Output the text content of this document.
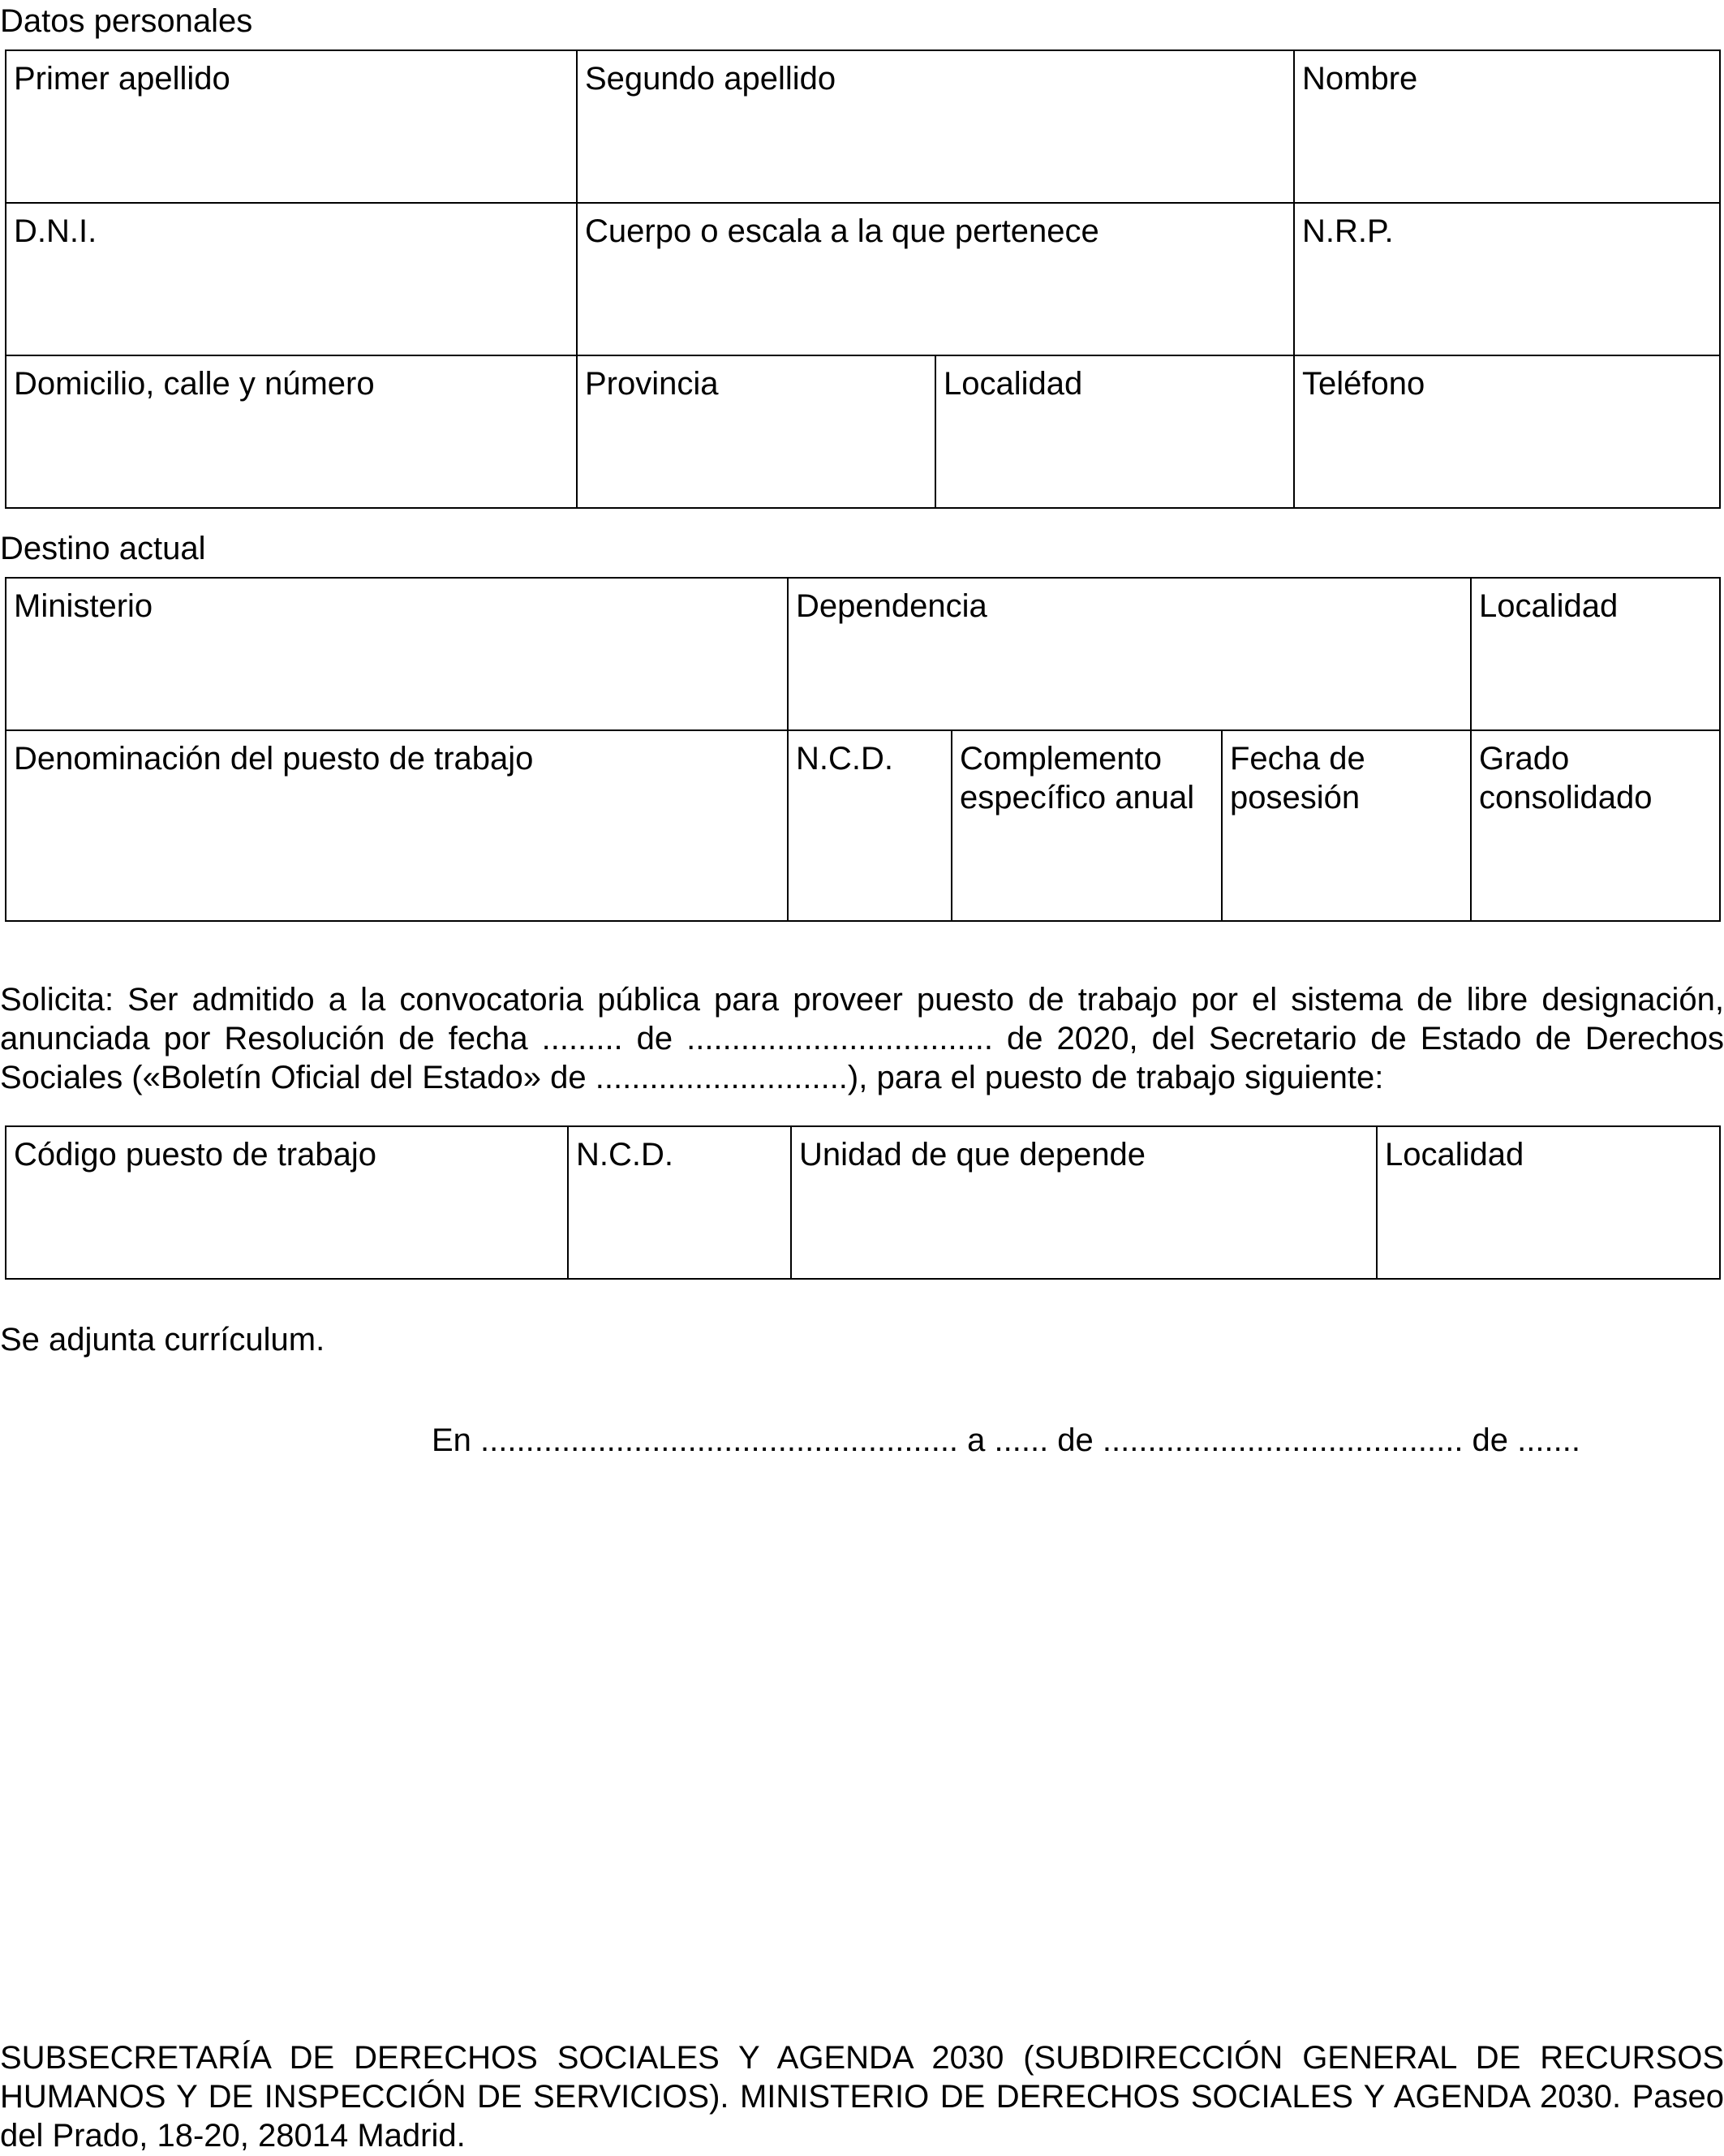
Datos personales
Primer apellido	Segundo apellido		Nombre
D.N.I.	Cuerpo o escala a la que pertenece		N.R.P.
Domicilio, calle y número	Provincia	Localidad	Teléfono
Destino actual
Ministerio	Dependencia			Localidad
Denominación del puesto de trabajo	N.C.D.	Complemento específico anual	Fecha de posesión	Grado consolidado
Solicita: Ser admitido a la convocatoria pública para proveer puesto de trabajo por el sistema de libre designación, anunciada por Resolución de fecha ......... de .................................. de 2020, del Secretario de Estado de Derechos Sociales («Boletín Oficial del Estado» de ............................), para el puesto de trabajo siguiente:
Código puesto de trabajo	N.C.D.	Unidad de que depende	Localidad
Se adjunta currículum.
En ..................................................... a ...... de ........................................ de .......
SUBSECRETARÍA DE DERECHOS SOCIALES Y AGENDA 2030 (SUBDIRECCIÓN GENERAL DE RECURSOS HUMANOS Y DE INSPECCIÓN DE SERVICIOS). MINISTERIO DE DERECHOS SOCIALES Y AGENDA 2030. Paseo del Prado, 18-20, 28014 Madrid.
